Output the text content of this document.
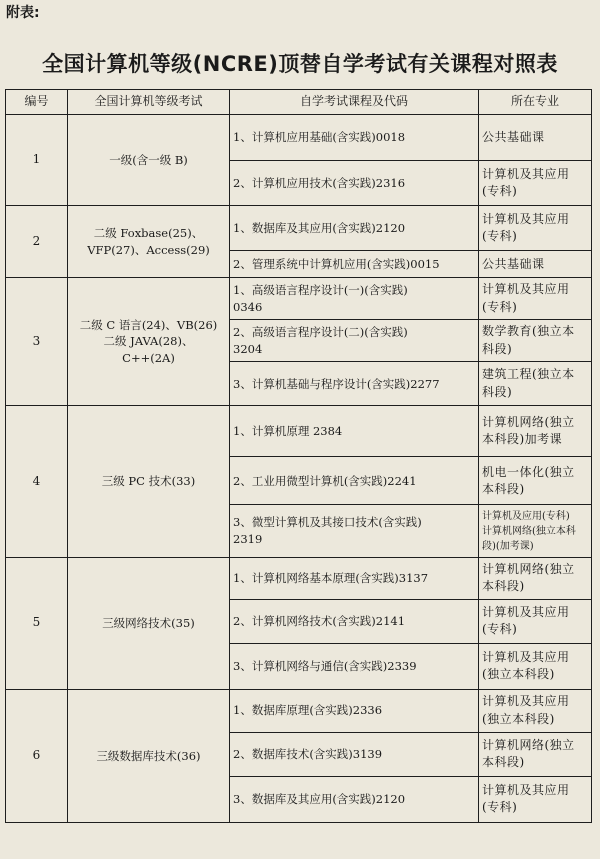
附表:
全国计算机等级(NCRE)顶替自学考试有关课程对照表
编号	全国计算机等级考试	自学考试课程及代码	所在专业
1	一级(含一级 B)	1、计算机应用基础(含实践)0018	公共基础课

		2、计算机应用技术(含实践)2316	计算机及其应用
(专科)

2	二级 Foxbase(25)、
VFP(27)、Access(29)	1、数据库及其应用(含实践)2120	计算机及其应用
(专科)

		2、管理系统中计算机应用(含实践)0015	公共基础课

3	二级 C 语言(24)、VB(26)
二级 JAVA(28)、
C++(2A)	1、高级语言程序设计(一)(含实践)
0346	计算机及其应用
(专科)

		2、高级语言程序设计(二)(含实践)
3204	数学教育(独立本
科段)

		3、计算机基础与程序设计(含实践)2277	建筑工程(独立本
科段)

4	三级 PC 技术(33)	1、计算机原理 2384	计算机网络(独立
本科段)加考课

		2、工业用微型计算机(含实践)2241	机电一体化(独立
本科段)

		3、微型计算机及其接口技术(含实践)
2319	计算机及应用(专科)
计算机网络(独立本科
段)(加考课)

5	三级网络技术(35)	1、计算机网络基本原理(含实践)3137	计算机网络(独立
本科段)

		2、计算机网络技术(含实践)2141	计算机及其应用
(专科)

		3、计算机网络与通信(含实践)2339	计算机及其应用
(独立本科段)

6	三级数据库技术(36)	1、数据库原理(含实践)2336	计算机及其应用
(独立本科段)

		2、数据库技术(含实践)3139	计算机网络(独立
本科段)

		3、数据库及其应用(含实践)2120	计算机及其应用
(专科)
